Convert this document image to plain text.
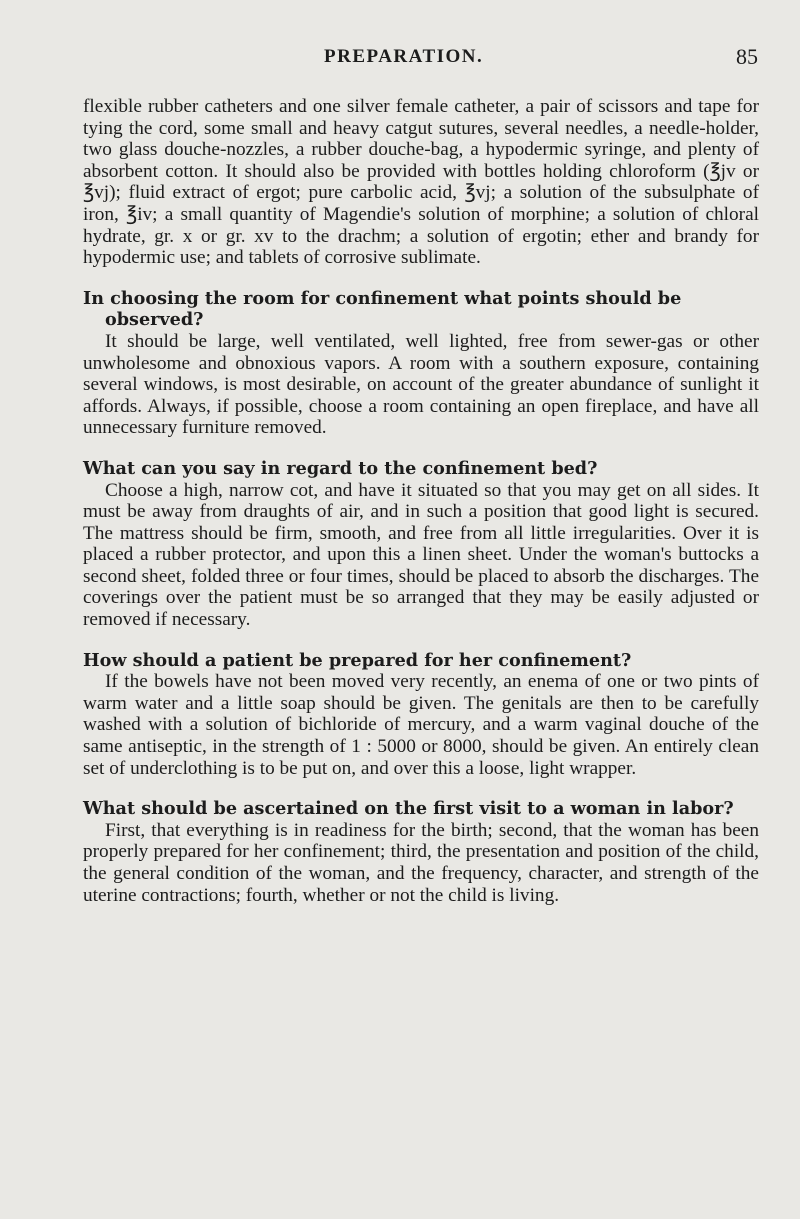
PREPARATION.	85

flexible rubber catheters and one silver female catheter, a pair of scissors and tape for tying the cord, some small and heavy catgut sutures, several needles, a needle-holder, two glass douche-nozzles, a rubber douche-bag, a hypodermic syringe, and plenty of absorbent cotton. It should also be provided with bottles holding chloroform (℥jv or ℥vj); fluid extract of ergot; pure carbolic acid, ℥vj; a solution of the subsulphate of iron, ℥iv; a small quantity of Magendie's solution of morphine; a solution of chloral hydrate, gr. x or gr. xv to the drachm; a solution of ergotin; ether and brandy for hypodermic use; and tablets of corrosive sublimate.

In choosing the room for confinement what points should be observed?

It should be large, well ventilated, well lighted, free from sewer-gas or other unwholesome and obnoxious vapors. A room with a southern exposure, containing several windows, is most desirable, on account of the greater abundance of sunlight it affords. Always, if possible, choose a room containing an open fireplace, and have all unnecessary furniture removed.

What can you say in regard to the confinement bed?

Choose a high, narrow cot, and have it situated so that you may get on all sides. It must be away from draughts of air, and in such a position that good light is secured. The mattress should be firm, smooth, and free from all little irregularities. Over it is placed a rubber protector, and upon this a linen sheet. Under the woman's buttocks a second sheet, folded three or four times, should be placed to absorb the discharges. The coverings over the patient must be so arranged that they may be easily adjusted or removed if necessary.

How should a patient be prepared for her confinement?

If the bowels have not been moved very recently, an enema of one or two pints of warm water and a little soap should be given. The genitals are then to be carefully washed with a solution of bichloride of mercury, and a warm vaginal douche of the same antiseptic, in the strength of 1 : 5000 or 8000, should be given. An entirely clean set of underclothing is to be put on, and over this a loose, light wrapper.

What should be ascertained on the first visit to a woman in labor?

First, that everything is in readiness for the birth; second, that the woman has been properly prepared for her confinement; third, the presentation and position of the child, the general condition of the woman, and the frequency, character, and strength of the uterine contractions; fourth, whether or not the child is living.
